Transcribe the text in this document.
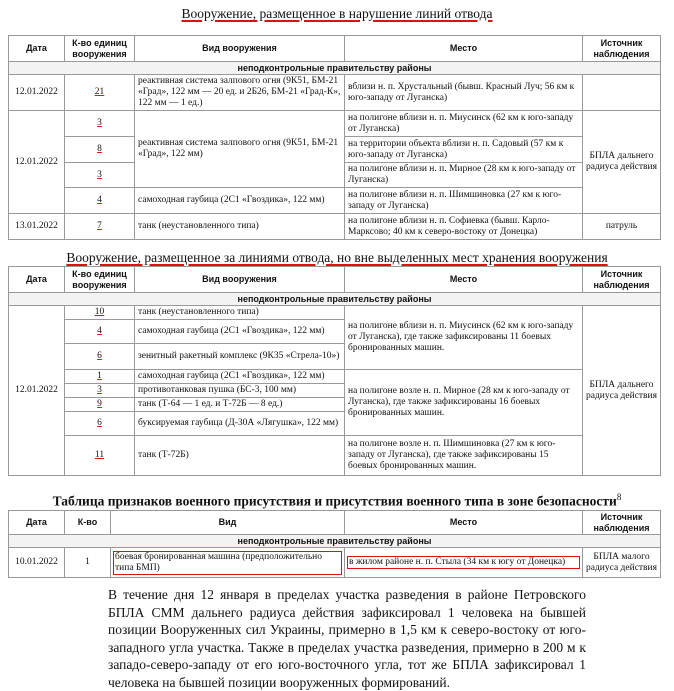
Вооружение, размещенное в нарушение линий отвода
Дата	К-во единиц вооружения	Вид вооружения	Место	Источник наблюдения
неподконтрольные правительству районы				
12.01.2022	21	реактивная система залпового огня (9К51, БМ-21 «Град», 122 мм — 20 ед. и 2Б26, БМ-21 «Град-К», 122 мм — 1 ед.)	вблизи н. п. Хрустальный (бывш. Красный Луч; 56 км к юго-западу от Луганска)	
12.01.2022	3	реактивная система залпового огня (9К51, БМ-21 «Град», 122 мм)	на полигоне вблизи н. п. Миусинск (62 км к юго-западу от Луганска)	БПЛА дальнего радиуса действия
	8		на территории объекта вблизи н. п. Садовый (57 км к юго-западу от Луганска)	
	3		на полигоне вблизи н. п. Мирное (28 км к юго-западу от Луганска)	
	4	самоходная гаубица (2С1 «Гвоздика», 122 мм)	на полигоне вблизи н. п. Шимшиновка (27 км к юго-западу от Луганска)	
13.01.2022	7	танк (неустановленного типа)	на полигоне вблизи н. п. Софиевка (бывш. Карло-Марксово; 40 км к северо-востоку от Донецка)	патруль
Вооружение, размещенное за линиями отвода, но вне выделенных мест хранения вооружения
Дата	К-во единиц вооружения	Вид вооружения	Место	Источник наблюдения
неподконтрольные правительству районы				
12.01.2022	10	танк (неустановленного типа)	на полигоне вблизи н. п. Миусинск (62 км к юго-западу от Луганска), где также зафиксированы 11 боевых бронированных машин.	БПЛА дальнего радиуса действия
	4	самоходная гаубица (2С1 «Гвоздика», 122 мм)		
	6	зенитный ракетный комплекс (9К35 «Стрела-10»)		
	1	самоходная гаубица (2С1 «Гвоздика», 122 мм)	на полигоне возле н. п. Мирное (28 км к юго-западу от Луганска), где также зафиксированы 16 боевых бронированных машин.	
	3	противотанковая пушка (БС-3, 100 мм)		
	9	танк (Т-64 — 1 ед. и Т-72Б — 8 ед.)		
	6	буксируемая гаубица (Д-30А «Лягушка», 122 мм)		
	11	танк (Т-72Б)	на полигоне возле н. п. Шимшиновка (27 км к юго-западу от Луганска), где также зафиксированы 15 боевых бронированных машин.	
Таблица признаков военного присутствия и присутствия военного типа в зоне безопасности$^8$
Дата	К-во	Вид	Место	Источник наблюдения
неподконтрольные правительству районы				
10.01.2022	1	боевая бронированная машина (предположительно типа БМП)	в жилом районе н. п. Стыла (34 км к югу от Донецка)	БПЛА малого радиуса действия
В течение дня 12 января в пределах участка разведения в районе Петровского БПЛА СММ дальнего радиуса действия зафиксировал 1 человека на бывшей позиции Вооруженных сил Украины, примерно в 1,5 км к северо-востоку от юго-западного угла участка. Также в пределах участка разведения, примерно в 200 м к западо-северо-западу от его юго-восточного угла, тот же БПЛА зафиксировал 1 человека на бывшей позиции вооруженных формирований.
